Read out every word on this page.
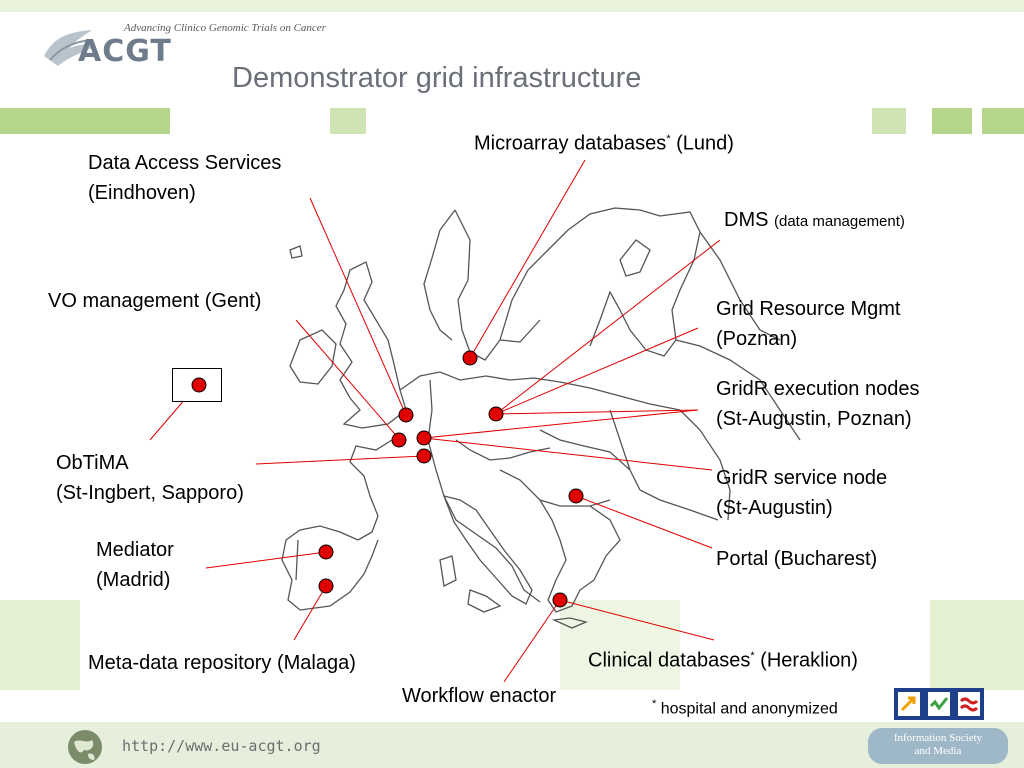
Advancing Clinico Genomic Trials on Cancer
ACGT
Demonstrator grid infrastructure
Microarray databases* (Lund)
Data Access Services
(Eindhoven)
DMS (data management)
VO management (Gent)	Grid Resource Mgmt
(Poznan)
GridR execution nodes
(St-Augustin, Poznan)
ObTiMA
(St-Ingbert, Sapporo)
GridR service node
(St-Augustin)
Mediator
(Madrid)
Portal (Bucharest)
Clinical databases* (Heraklion)
Meta-data repository (Malaga)
Workflow enactor	* hospital and anonymized
http://www.eu-acgt.org	Information Society
and Media
